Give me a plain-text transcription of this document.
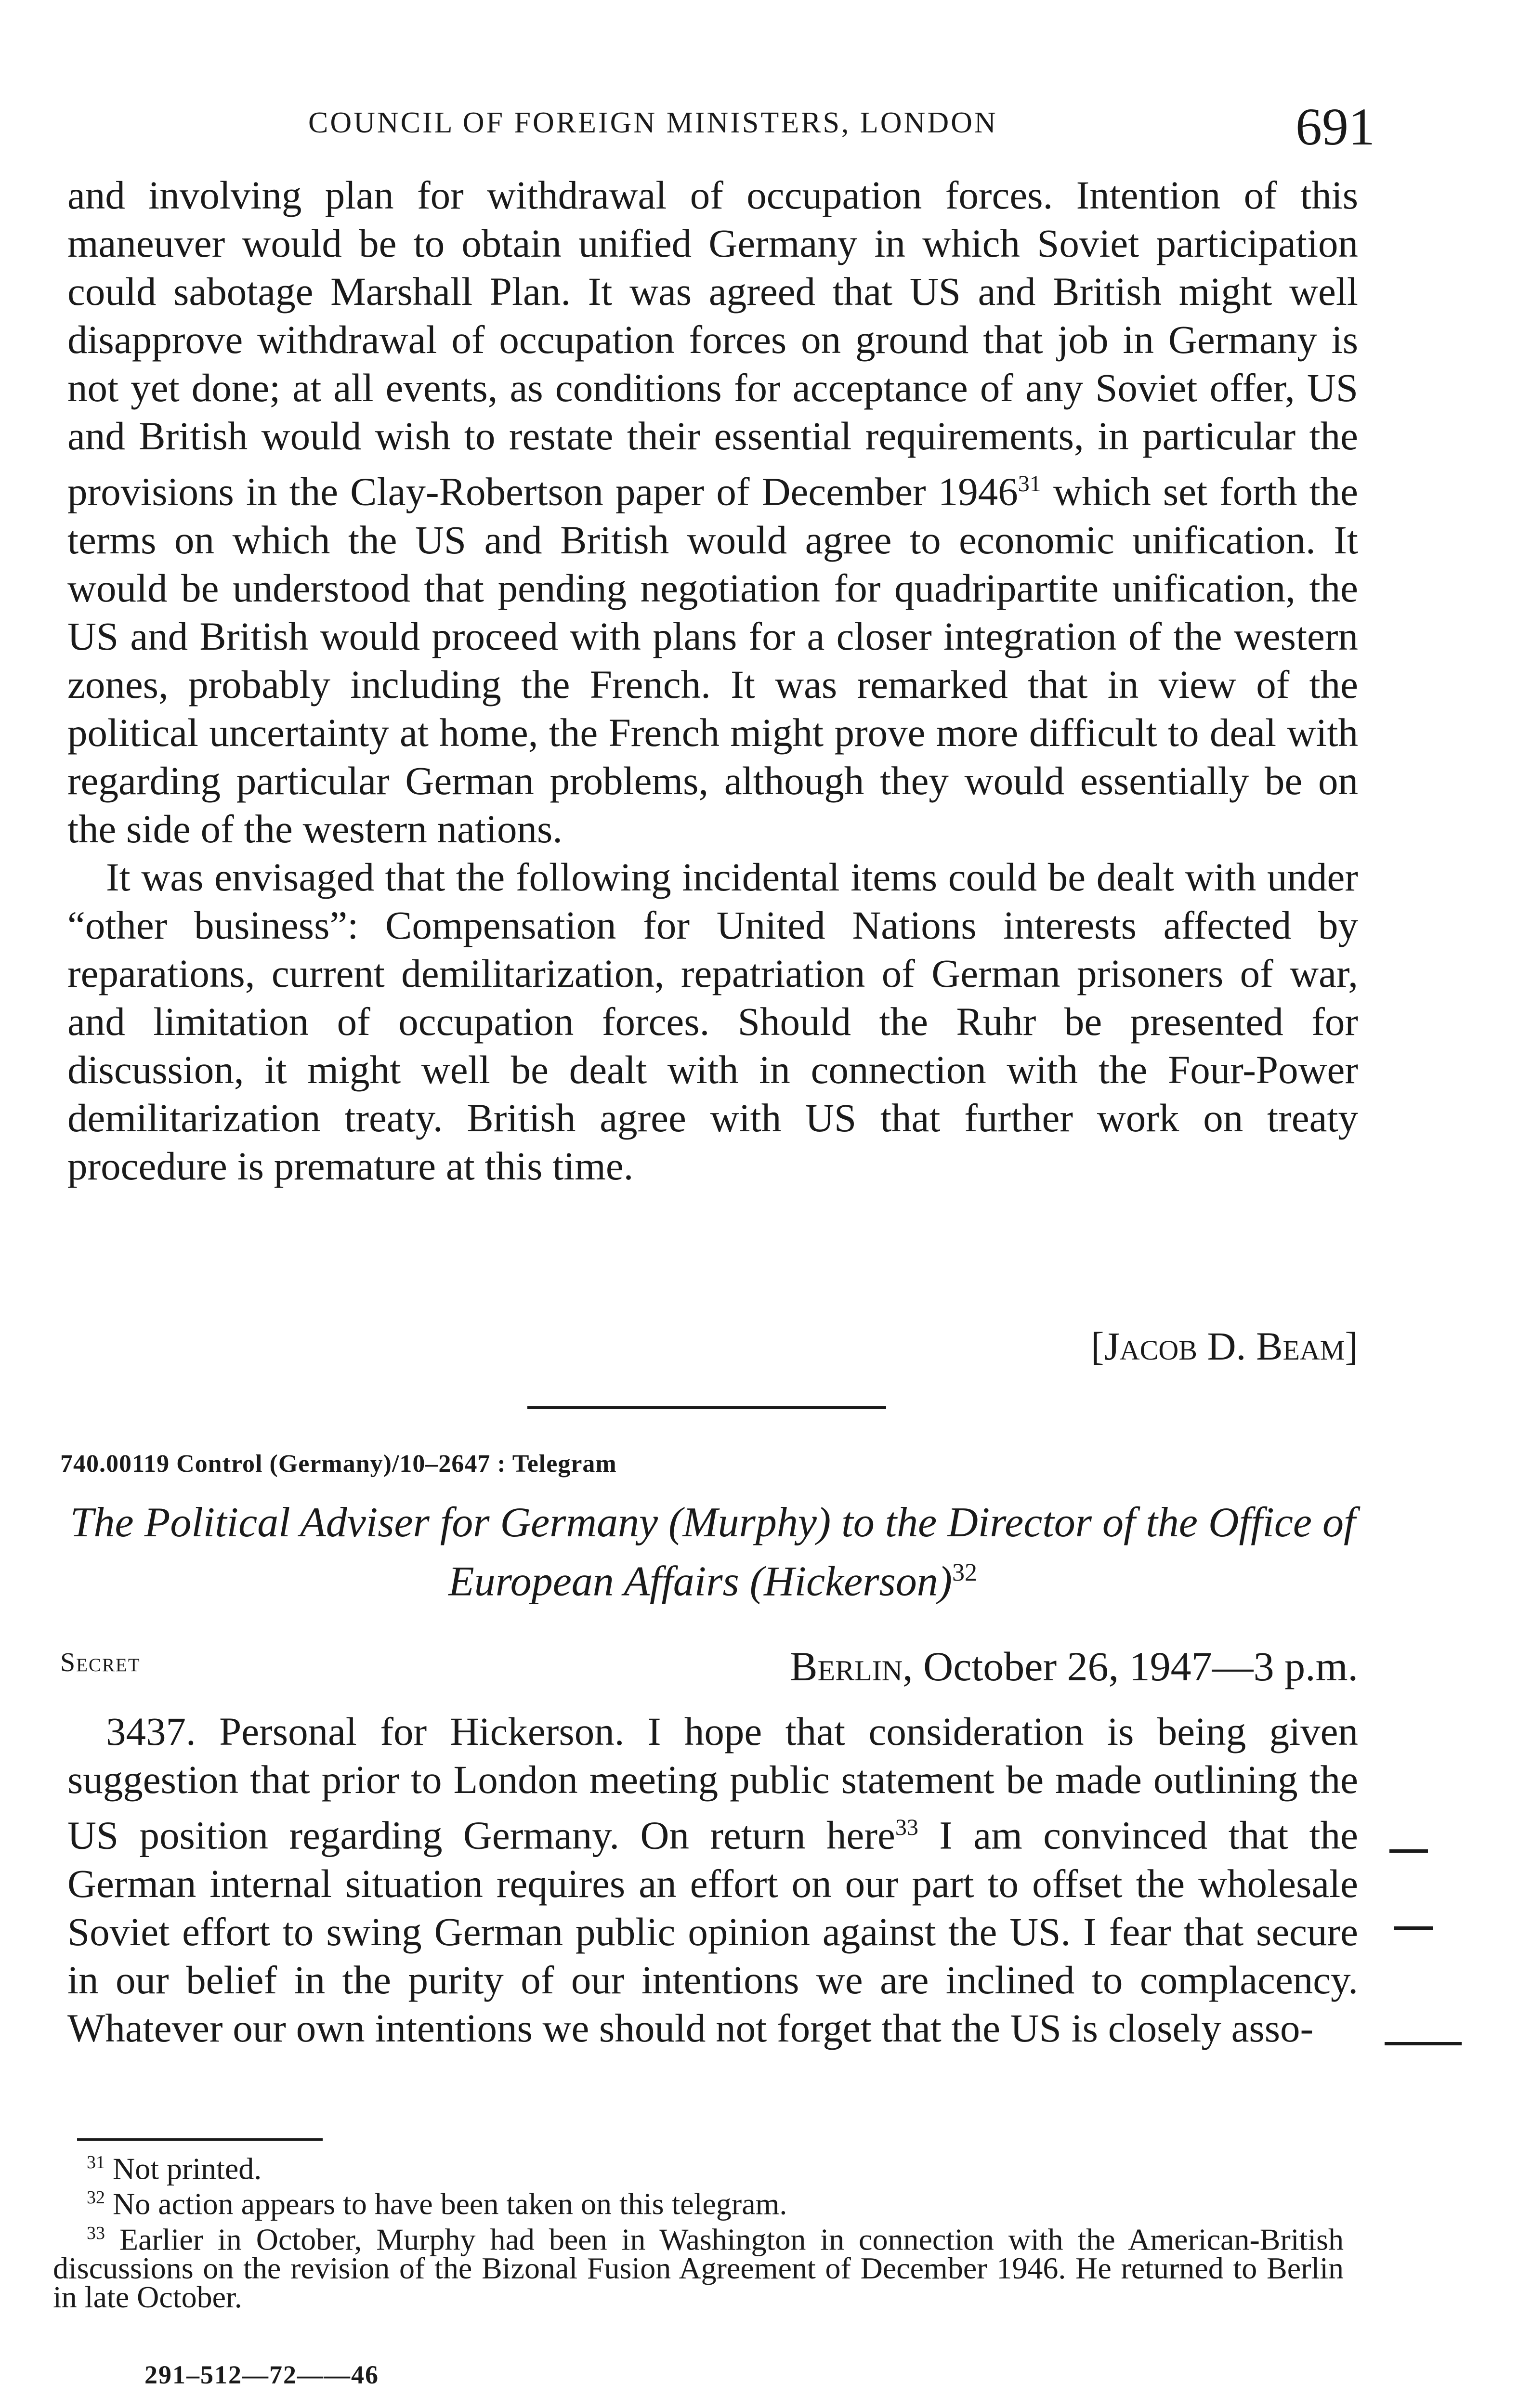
COUNCIL OF FOREIGN MINISTERS, LONDON	691

and involving plan for withdrawal of occupation forces. Intention of this maneuver would be to obtain unified Germany in which Soviet participation could sabotage Marshall Plan. It was agreed that US and British might well disapprove withdrawal of occupation forces on ground that job in Germany is not yet done; at all events, as conditions for acceptance of any Soviet offer, US and British would wish to restate their essential requirements, in particular the provisions in the Clay-Robertson paper of December 1946$^{31}$ which set forth the terms on which the US and British would agree to economic unification. It would be understood that pending negotiation for quadripartite unification, the US and British would proceed with plans for a closer integration of the western zones, probably including the French. It was remarked that in view of the political uncertainty at home, the French might prove more difficult to deal with regarding particular German problems, although they would essentially be on the side of the western nations.

It was envisaged that the following incidental items could be dealt with under “other business”: Compensation for United Nations interests affected by reparations, current demilitarization, repatriation of German prisoners of war, and limitation of occupation forces. Should the Ruhr be presented for discussion, it might well be dealt with in connection with the Four-Power demilitarization treaty. British agree with US that further work on treaty procedure is premature at this time.

[Jacob D. Beam]
740.00119 Control (Germany)/10–2647 : Telegram
The Political Adviser for Germany (Murphy) to the Director of the Office of European Affairs (Hickerson)$^{32}$
Secret	Berlin, October 26, 1947—3 p.m.

3437. Personal for Hickerson. I hope that consideration is being given suggestion that prior to London meeting public statement be made outlining the US position regarding Germany. On return here$^{33}$ I am convinced that the German internal situation requires an effort on our part to offset the wholesale Soviet effort to swing German public opinion against the US. I fear that secure in our belief in the purity of our intentions we are inclined to complacency. Whatever our own intentions we should not forget that the US is closely asso-

$^{31}$ Not printed.

$^{32}$ No action appears to have been taken on this telegram.

$^{33}$ Earlier in October, Murphy had been in Washington in connection with the American-British discussions on the revision of the Bizonal Fusion Agreement of December 1946. He returned to Berlin in late October.

291–512—72——46
